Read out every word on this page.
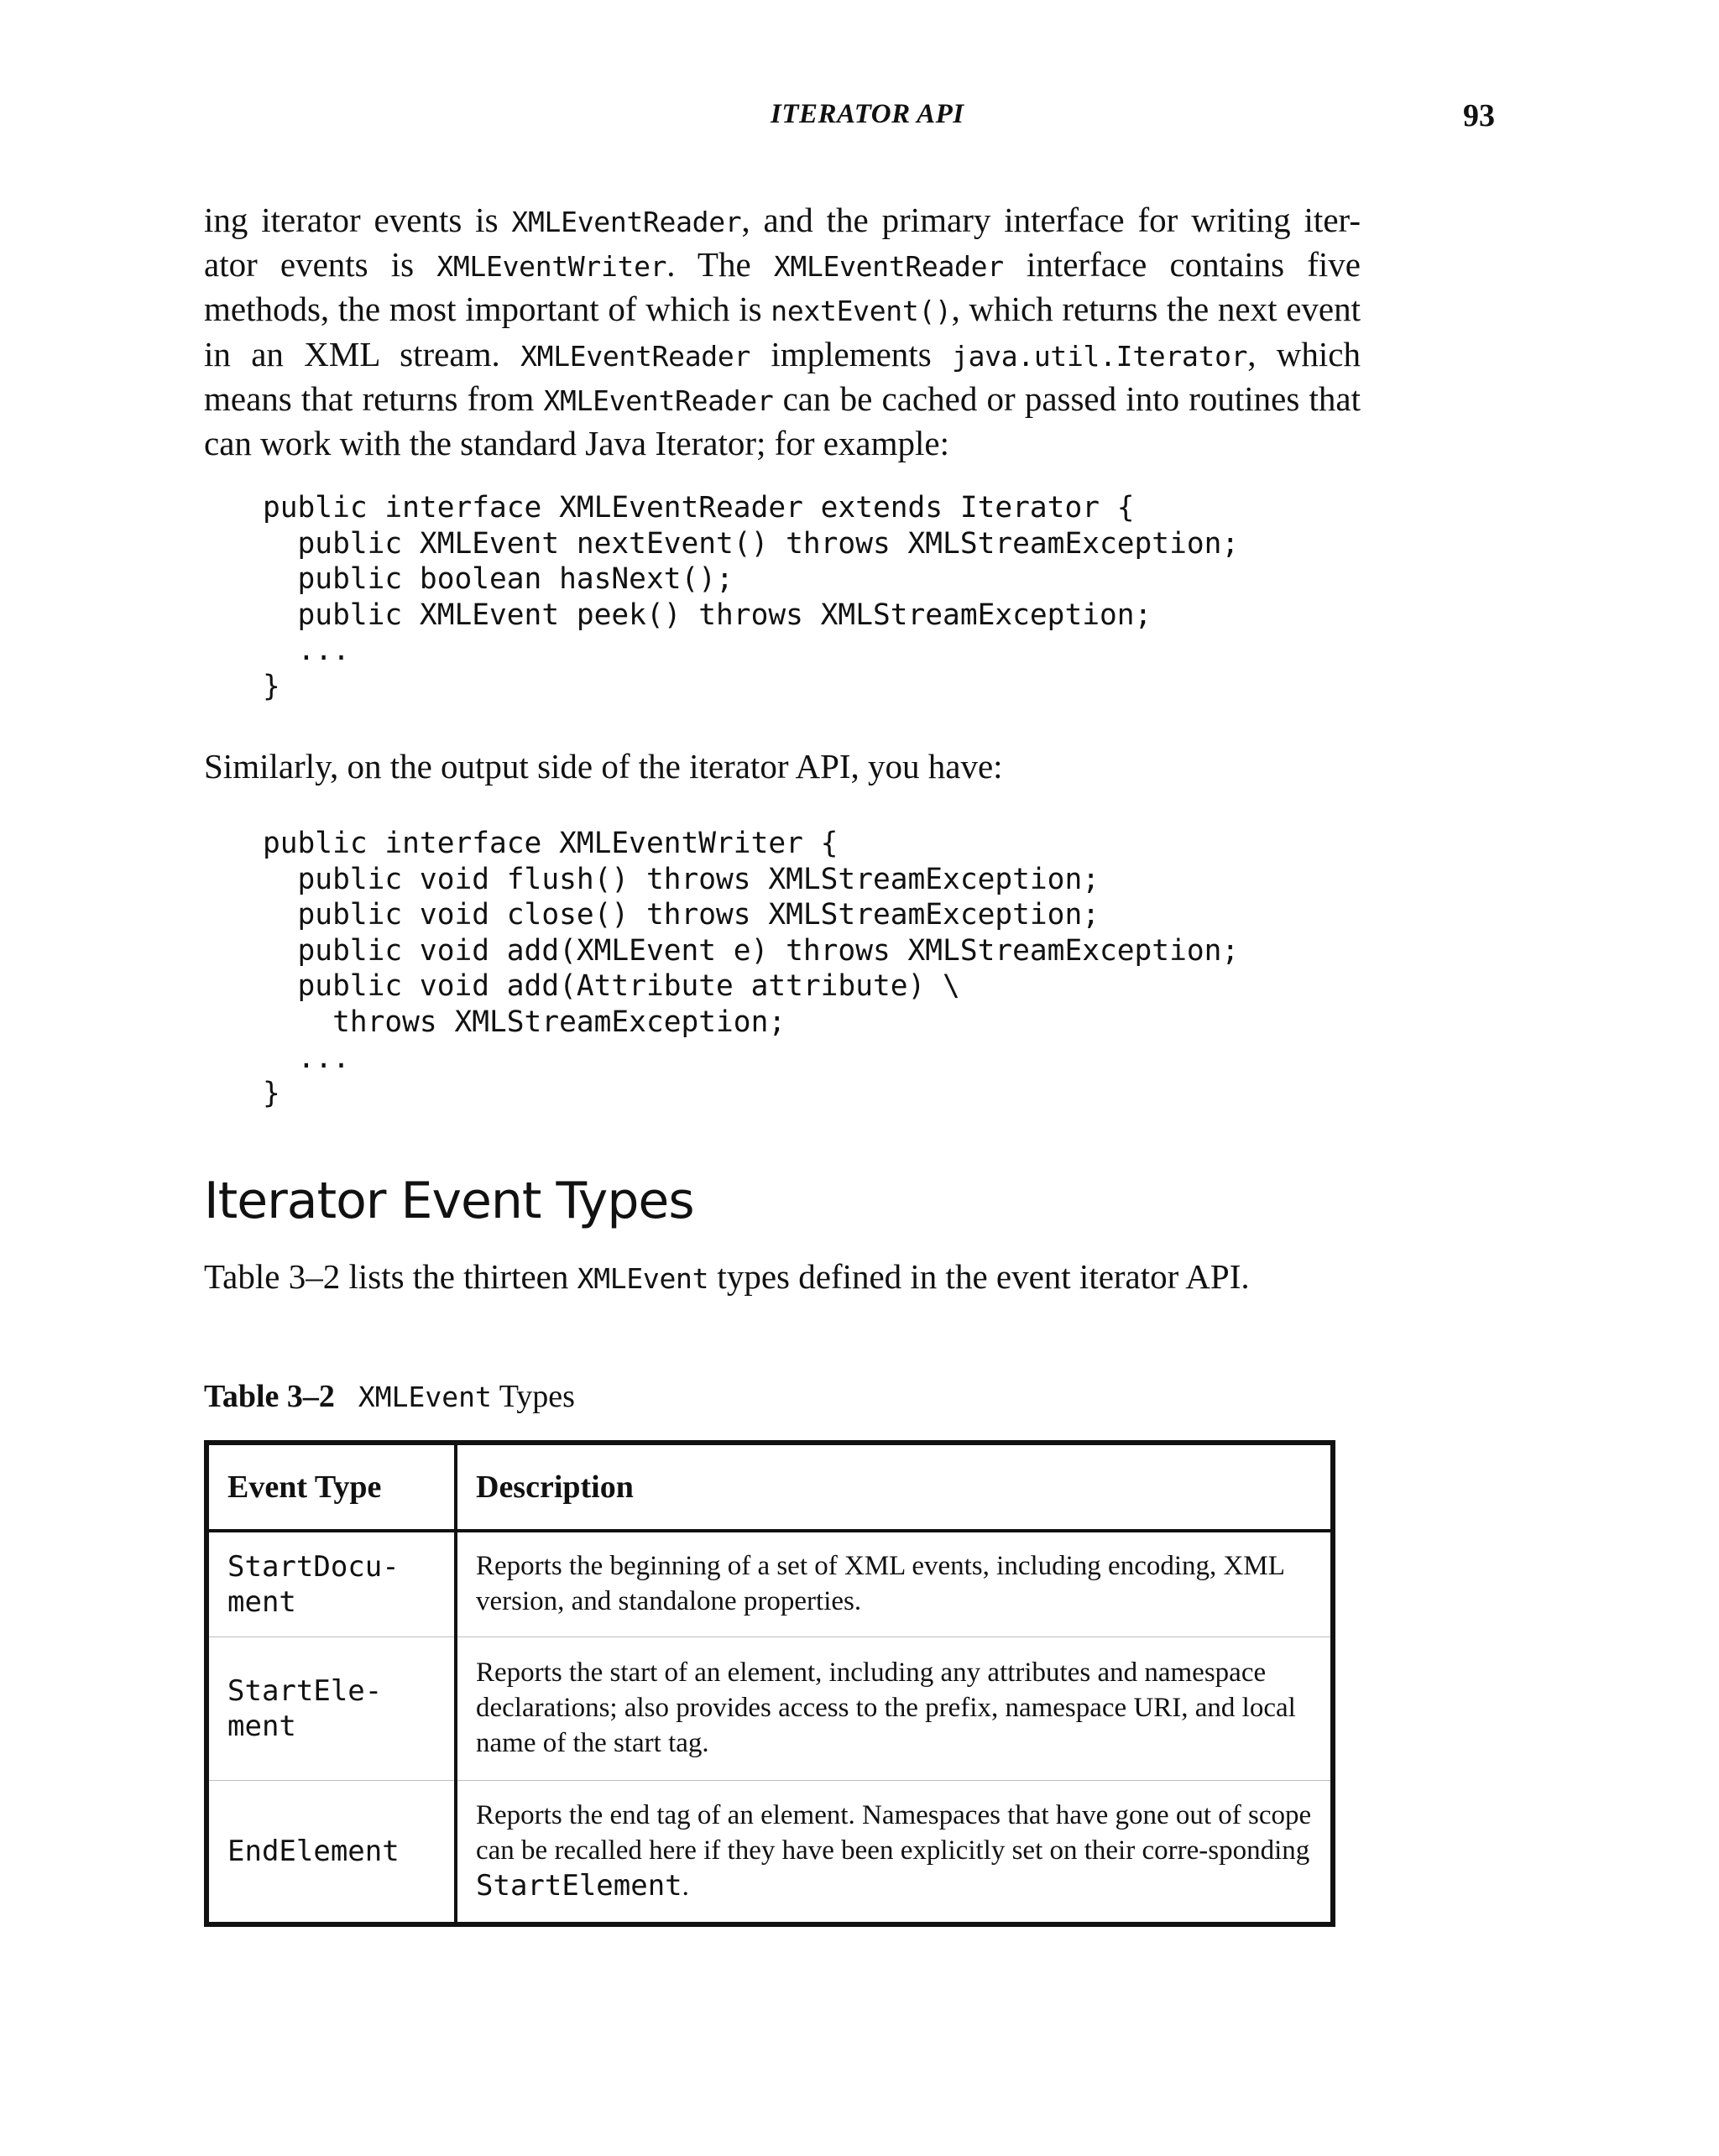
ITERATOR API	93

ing iterator events is XMLEventReader, and the primary interface for writing iter-ator events is XMLEventWriter. The XMLEventReader interface contains five methods, the most important of which is nextEvent(), which returns the next event in an XML stream. XMLEventReader implements java.util.Iterator, which means that returns from XMLEventReader can be cached or passed into routines that can work with the standard Java Iterator; for example:

public interface XMLEventReader extends Iterator {
public XMLEvent nextEvent() throws XMLStreamException;
public boolean hasNext();
public XMLEvent peek() throws XMLStreamException;
...
}

Similarly, on the output side of the iterator API, you have:

public interface XMLEventWriter {
public void flush() throws XMLStreamException;
public void close() throws XMLStreamException;
public void add(XMLEvent e) throws XMLStreamException;
public void add(Attribute attribute) \
throws XMLStreamException;
...
}
Iterator Event Types

Table 3–2 lists the thirteen XMLEvent types defined in the event iterator API.

Table 3–2 XMLEvent Types
Event Type	Description
StartDocu-
ment	Reports the beginning of a set of XML events, including encoding, XML version, and standalone properties.
StartEle-
ment	Reports the start of an element, including any attributes and namespace declarations; also provides access to the prefix, namespace URI, and local name of the start tag.
EndElement	Reports the end tag of an element. Namespaces that have gone out of scope can be recalled here if they have been explicitly set on their corre-sponding StartElement.
